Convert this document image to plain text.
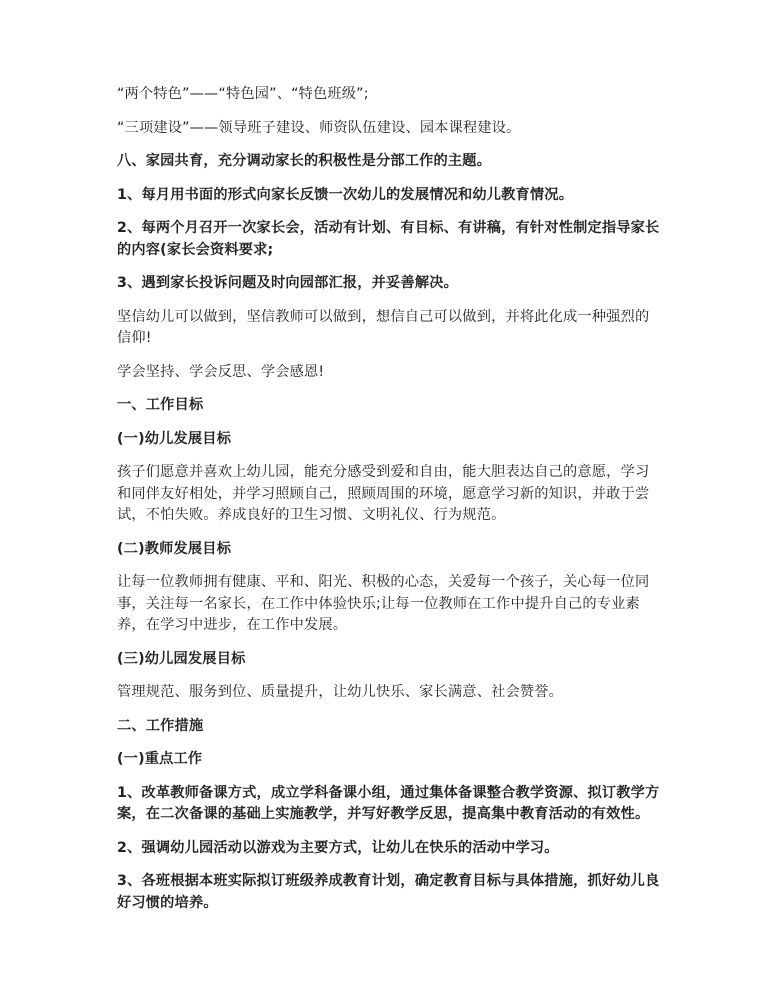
“两个特色”——“特色园”、“特色班级”;

“三项建设”——领导班子建设、师资队伍建设、园本课程建设。

八、家园共育，充分调动家长的积极性是分部工作的主题。

1、每月用书面的形式向家长反馈一次幼儿的发展情况和幼儿教育情况。

2、每两个月召开一次家长会，活动有计划、有目标、有讲稿，有针对性制定指导家长的内容(家长会资料要求;

3、遇到家长投诉问题及时向园部汇报，并妥善解决。

坚信幼儿可以做到，坚信教师可以做到，想信自己可以做到，并将此化成一种强烈的信仰!

学会坚持、学会反思、学会感恩!

一、工作目标

(一)幼儿发展目标

孩子们愿意并喜欢上幼儿园，能充分感受到爱和自由，能大胆表达自己的意愿，学习和同伴友好相处，并学习照顾自己，照顾周围的环境，愿意学习新的知识，并敢于尝试，不怕失败。养成良好的卫生习惯、文明礼仪、行为规范。

(二)教师发展目标

让每一位教师拥有健康、平和、阳光、积极的心态，关爱每一个孩子，关心每一位同事，关注每一名家长，在工作中体验快乐;让每一位教师在工作中提升自己的专业素养，在学习中进步，在工作中发展。

(三)幼儿园发展目标

管理规范、服务到位、质量提升，让幼儿快乐、家长满意、社会赞誉。

二、工作措施

(一)重点工作

1、改革教师备课方式，成立学科备课小组，通过集体备课整合教学资源、拟订教学方案，在二次备课的基础上实施教学，并写好教学反思，提高集中教育活动的有效性。

2、强调幼儿园活动以游戏为主要方式，让幼儿在快乐的活动中学习。

3、各班根据本班实际拟订班级养成教育计划，确定教育目标与具体措施，抓好幼儿良好习惯的培养。
